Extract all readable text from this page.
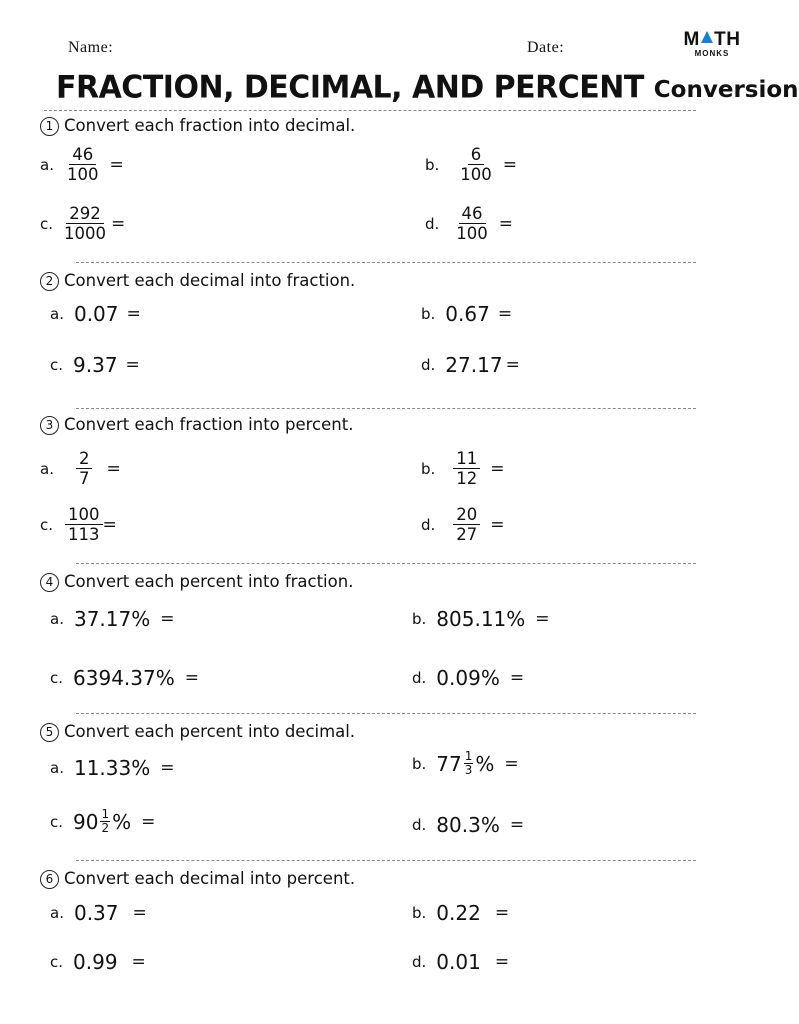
Name:	Date:	M TH
MONKS
FRACTION, DECIMAL, AND PERCENT Conversion
1 Convert each fraction into decimal.
a. $\frac{46}{100}$ =	b. $\frac{6}{100}$ =
c. $\frac{292}{1000}$ =	d. $\frac{46}{100}$ =
2 Convert each decimal into fraction.
a. 0.07 =	b. 0.67 =
c. 9.37 =	d. 27.17 =
3 Convert each fraction into percent.
a. $\frac{2}{7}$ =	b. $\frac{11}{12}$ =
c. $\frac{100}{113}$ =	d. $\frac{20}{27}$ =
4 Convert each percent into fraction.
a. 37.17% =	b. 805.11% =
c. 6394.37% =	d. 0.09% =
5 Convert each percent into decimal.
a. 11.33% =	b. $77 \frac{1}{3}$ % =
c. $90 \frac{1}{2}$ % =	d. 80.3% =
6 Convert each decimal into percent.
a. 0.37 =	b. 0.22 =
c. 0.99 =	d. 0.01 =
